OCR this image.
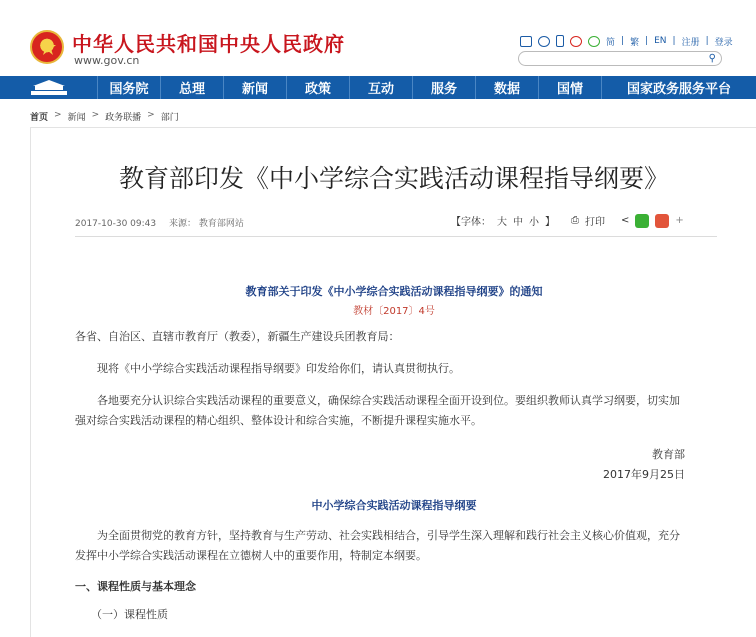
中华人民共和国中央人民政府
www.gov.cn
简 | 繁 | EN | 注册 | 登录
⚲
国务院	总理	新闻	政策	互动	服务	数据	国情	国家政务服务平台
首页 > 新闻 > 政务联播 > 部门
教育部印发《中小学综合实践活动课程指导纲要》
2017-10-30 09:43 来源： 教育部网站	【字体： 大 中 小 】 ⎙ 打印 <	+
教育部关于印发《中小学综合实践活动课程指导纲要》的通知
教材〔2017〕4号
各省、自治区、直辖市教育厅（教委），新疆生产建设兵团教育局：
现将《中小学综合实践活动课程指导纲要》印发给你们，请认真贯彻执行。
各地要充分认识综合实践活动课程的重要意义，确保综合实践活动课程全面开设到位。要组织教师认真学习纲要，切实加
强对综合实践活动课程的精心组织、整体设计和综合实施，不断提升课程实施水平。
教育部
2017年9月25日
中小学综合实践活动课程指导纲要
为全面贯彻党的教育方针，坚持教育与生产劳动、社会实践相结合，引导学生深入理解和践行社会主义核心价值观，充分
发挥中小学综合实践活动课程在立德树人中的重要作用，特制定本纲要。
一、课程性质与基本理念
（一）课程性质
